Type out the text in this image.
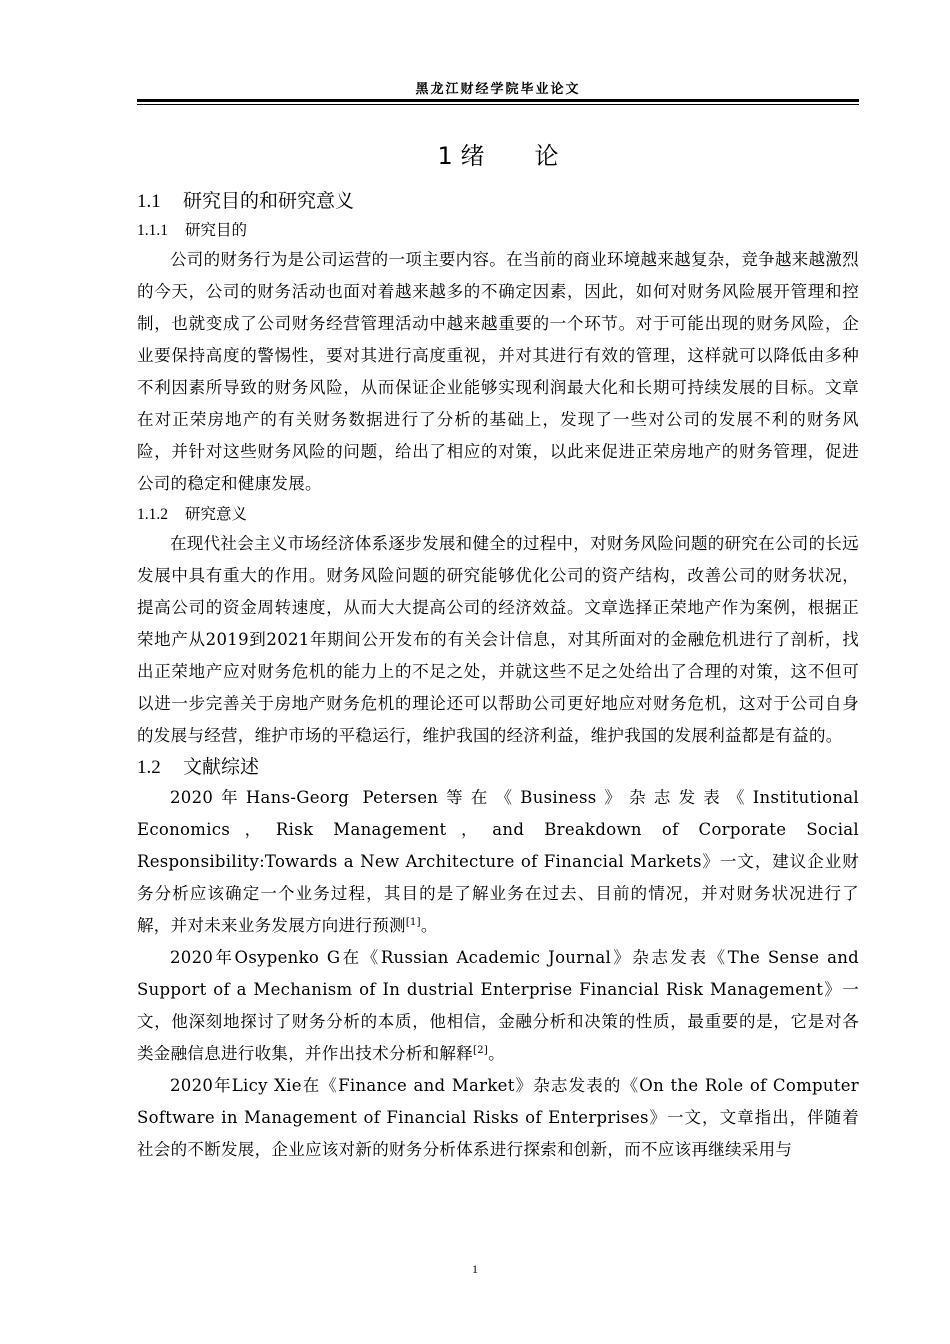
黑龙江财经学院毕业论文
1 绪 论
1.1 研究目的和研究意义
1.1.1 研究目的

公司的财务行为是公司运营的一项主要内容。在当前的商业环境越来越复杂，竞争越来越激烈的今天，公司的财务活动也面对着越来越多的不确定因素，因此，如何对财务风险展开管理和控制，也就变成了公司财务经营管理活动中越来越重要的一个环节。对于可能出现的财务风险，企业要保持高度的警惕性，要对其进行高度重视，并对其进行有效的管理，这样就可以降低由多种不利因素所导致的财务风险，从而保证企业能够实现利润最大化和长期可持续发展的目标。文章在对正荣房地产的有关财务数据进行了分析的基础上，发现了一些对公司的发展不利的财务风险，并针对这些财务风险的问题，给出了相应的对策，以此来促进正荣房地产的财务管理，促进公司的稳定和健康发展。

1.1.2 研究意义

在现代社会主义市场经济体系逐步发展和健全的过程中，对财务风险问题的研究在公司的长远发展中具有重大的作用。财务风险问题的研究能够优化公司的资产结构，改善公司的财务状况，提高公司的资金周转速度，从而大大提高公司的经济效益。文章选择正荣地产作为案例，根据正荣地产从2019到2021年期间公开发布的有关会计信息，对其所面对的金融危机进行了剖析，找出正荣地产应对财务危机的能力上的不足之处，并就这些不足之处给出了合理的对策，这不但可以进一步完善关于房地产财务危机的理论还可以帮助公司更好地应对财务危机，这对于公司自身的发展与经营，维护市场的平稳运行，维护我国的经济利益，维护我国的发展利益都是有益的。

1.2 文献综述

2020年Hans-Georg Petersen等在《Business》杂志发表《Institutional Economics，Risk Management，and Breakdown of Corporate Social Responsibility:Towards a New Architecture of Financial Markets》一文，建议企业财务分析应该确定一个业务过程，其目的是了解业务在过去、目前的情况，并对财务状况进行了解，并对未来业务发展方向进行预测[1]。

2020年Osypenko G在《Russian Academic Journal》杂志发表《The Sense and Support of a Mechanism of In dustrial Enterprise Financial Risk Management》一文，他深刻地探讨了财务分析的本质，他相信，金融分析和决策的性质，最重要的是，它是对各类金融信息进行收集，并作出技术分析和解释[2]。

2020年Licy Xie在《Finance and Market》杂志发表的《On the Role of Computer Software in Management of Financial Risks of Enterprises》一文，文章指出，伴随着社会的不断发展，企业应该对新的财务分析体系进行探索和创新，而不应该再继续采用与

1
